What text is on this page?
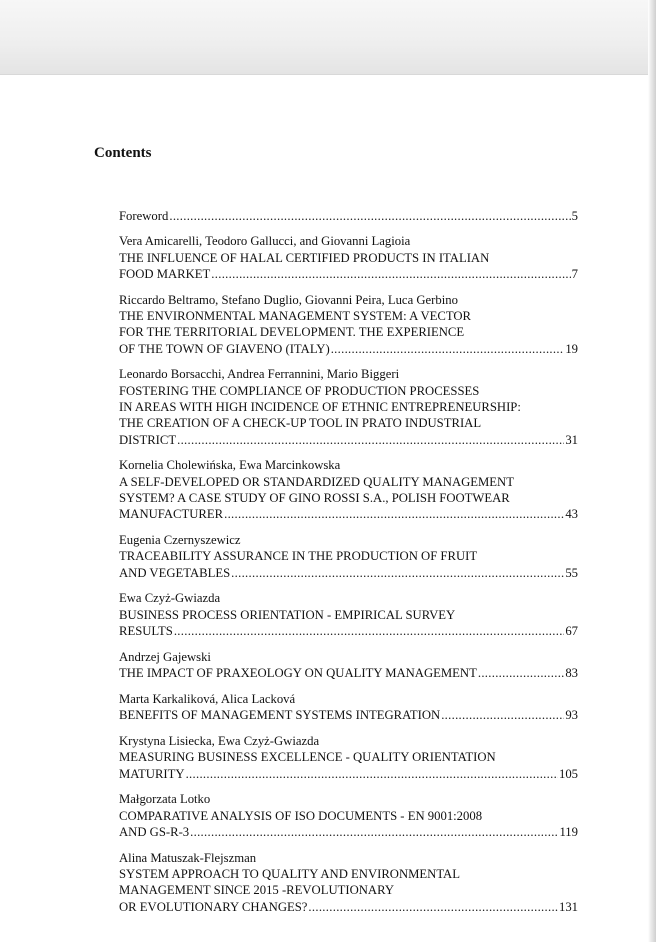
Contents
Foreword .....	5
Vera Amicarelli, Teodoro Gallucci, and Giovanni Lagioia
THE INFLUENCE OF HALAL CERTIFIED PRODUCTS IN ITALIAN
FOOD MARKET .....	7
Riccardo Beltramo, Stefano Duglio, Giovanni Peira, Luca Gerbino
THE ENVIRONMENTAL MANAGEMENT SYSTEM: A VECTOR
FOR THE TERRITORIAL DEVELOPMENT. THE EXPERIENCE
OF THE TOWN OF GIAVENO (ITALY) .....	19
Leonardo Borsacchi, Andrea Ferrannini, Mario Biggeri
FOSTERING THE COMPLIANCE OF PRODUCTION PROCESSES
IN AREAS WITH HIGH INCIDENCE OF ETHNIC ENTREPRENEURSHIP:
THE CREATION OF A CHECK-UP TOOL IN PRATO INDUSTRIAL
DISTRICT .....	31
Kornelia Cholewińska, Ewa Marcinkowska
A SELF-DEVELOPED OR STANDARDIZED QUALITY MANAGEMENT
SYSTEM? A CASE STUDY OF GINO ROSSI S.A., POLISH FOOTWEAR
MANUFACTURER .....	43
Eugenia Czernyszewicz
TRACEABILITY ASSURANCE IN THE PRODUCTION OF FRUIT
AND VEGETABLES .....	55
Ewa Czyż-Gwiazda
BUSINESS PROCESS ORIENTATION - EMPIRICAL SURVEY
RESULTS .....	67
Andrzej Gajewski
THE IMPACT OF PRAXEOLOGY ON QUALITY MANAGEMENT .....	83
Marta Karkaliková, Alica Lacková
BENEFITS OF MANAGEMENT SYSTEMS INTEGRATION .....	93
Krystyna Lisiecka, Ewa Czyż-Gwiazda
MEASURING BUSINESS EXCELLENCE - QUALITY ORIENTATION
MATURITY .....	105
Małgorzata Lotko
COMPARATIVE ANALYSIS OF ISO DOCUMENTS - EN 9001:2008
AND GS-R-3 .....	119
Alina Matuszak-Flejszman
SYSTEM APPROACH TO QUALITY AND ENVIRONMENTAL
MANAGEMENT SINCE 2015 -REVOLUTIONARY
OR EVOLUTIONARY CHANGES? .....	131
